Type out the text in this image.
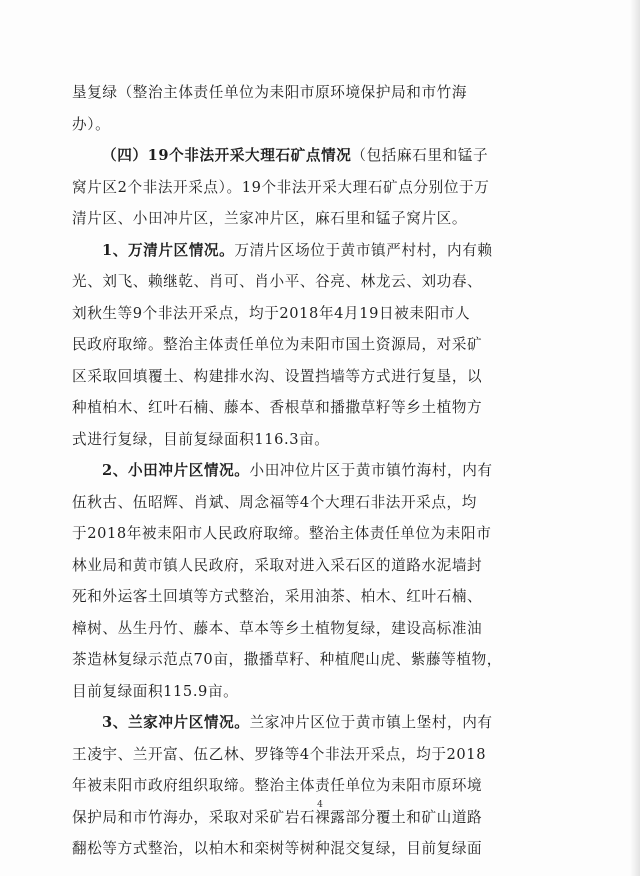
垦复绿（整治主体责任单位为耒阳市原环境保护局和市竹海
办）。
（四）19个非法开采大理石矿点情况（包括麻石里和锰子
窝片区2个非法开采点）。19个非法开采大理石矿点分别位于万
清片区、小田冲片区，兰家冲片区，麻石里和锰子窝片区。
1、万清片区情况。万清片区场位于黄市镇严村村，内有赖
光、刘飞、赖继乾、肖可、肖小平、谷亮、林龙云、刘功春、
刘秋生等9个非法开采点，均于2018年4月19日被耒阳市人
民政府取缔。整治主体责任单位为耒阳市国土资源局，对采矿
区采取回填覆土、构建排水沟、设置挡墙等方式进行复垦，以
种植柏木、红叶石楠、藤本、香根草和播撒草籽等乡土植物方
式进行复绿，目前复绿面积116.3亩。
2、小田冲片区情况。小田冲位片区于黄市镇竹海村，内有
伍秋古、伍昭辉、肖斌、周念福等4个大理石非法开采点，均
于2018年被耒阳市人民政府取缔。整治主体责任单位为耒阳市
林业局和黄市镇人民政府，采取对进入采石区的道路水泥墙封
死和外运客土回填等方式整治，采用油茶、柏木、红叶石楠、
樟树、丛生丹竹、藤本、草本等乡土植物复绿，建设高标准油
茶造林复绿示范点70亩，撒播草籽、种植爬山虎、紫藤等植物，
目前复绿面积115.9亩。
3、兰家冲片区情况。兰家冲片区位于黄市镇上堡村，内有
王凌宇、兰开富、伍乙林、罗锋等4个非法开采点，均于2018
年被耒阳市政府组织取缔。整治主体责任单位为耒阳市原环境
保护局和市竹海办，采取对采矿岩石裸露部分覆土和矿山道路
翻松等方式整治，以柏木和栾树等树种混交复绿，目前复绿面
4
